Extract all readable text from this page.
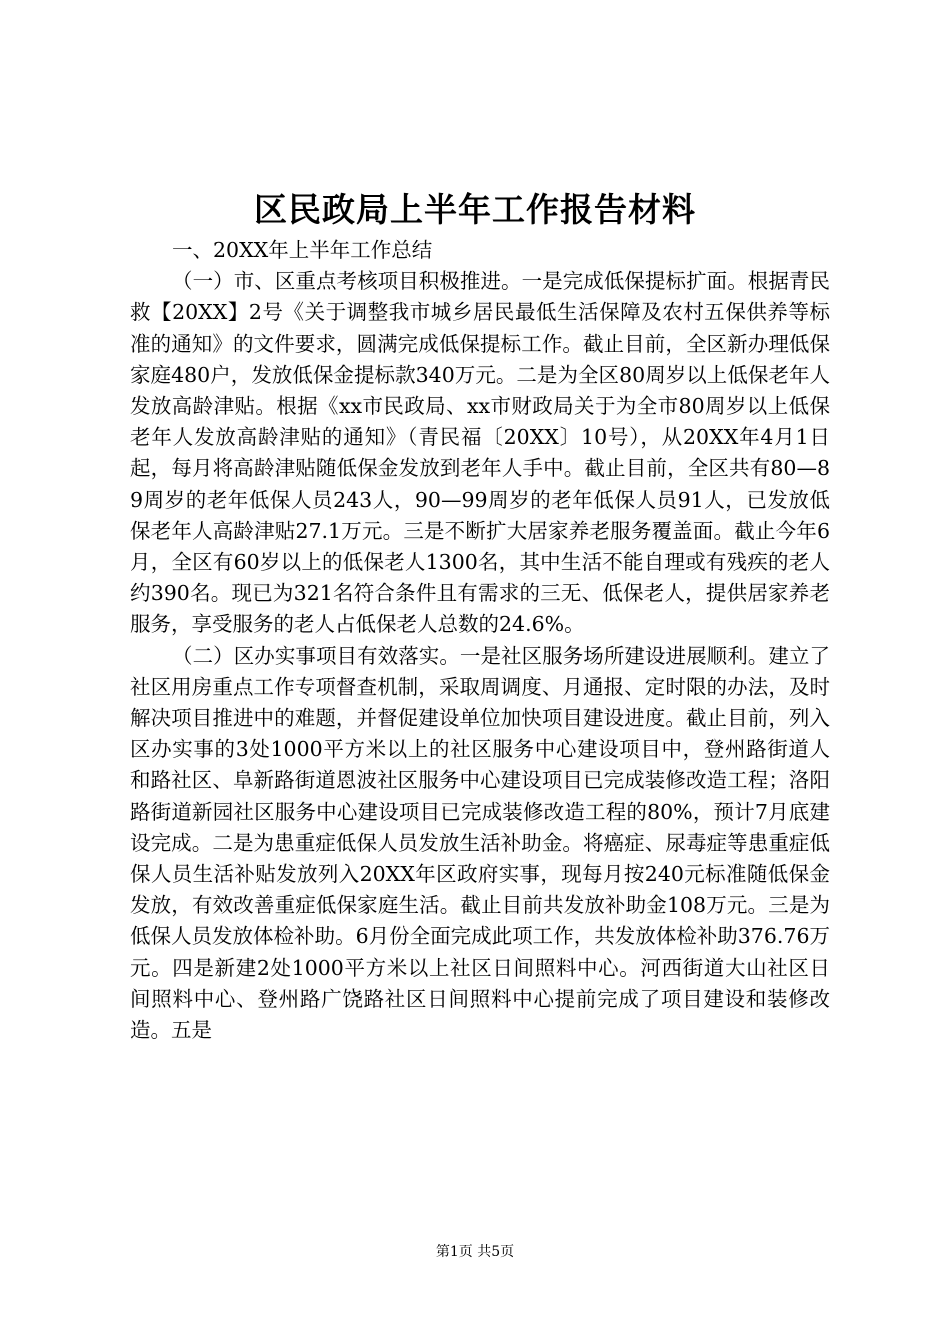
区民政局上半年工作报告材料

一、20XX年上半年工作总结

（一）市、区重点考核项目积极推进。一是完成低保提标扩面。根据青民救【20XX】2号《关于调整我市城乡居民最低生活保障及农村五保供养等标准的通知》的文件要求，圆满完成低保提标工作。截止目前，全区新办理低保家庭480户，发放低保金提标款340万元。二是为全区80周岁以上低保老年人发放高龄津贴。根据《xx市民政局、xx市财政局关于为全市80周岁以上低保老年人发放高龄津贴的通知》（青民福〔20XX〕10号），从20XX年4月1日起，每月将高龄津贴随低保金发放到老年人手中。截止目前，全区共有80—89周岁的老年低保人员243人，90—99周岁的老年低保人员91人，已发放低保老年人高龄津贴27.1万元。三是不断扩大居家养老服务覆盖面。截止今年6月，全区有60岁以上的低保老人1300名，其中生活不能自理或有残疾的老人约390名。现已为321名符合条件且有需求的三无、低保老人，提供居家养老服务，享受服务的老人占低保老人总数的24.6%。

（二）区办实事项目有效落实。一是社区服务场所建设进展顺利。建立了社区用房重点工作专项督查机制，采取周调度、月通报、定时限的办法，及时解决项目推进中的难题，并督促建设单位加快项目建设进度。截止目前，列入区办实事的3处1000平方米以上的社区服务中心建设项目中，登州路街道人和路社区、阜新路街道恩波社区服务中心建设项目已完成装修改造工程；洛阳路街道新园社区服务中心建设项目已完成装修改造工程的80%，预计7月底建设完成。二是为患重症低保人员发放生活补助金。将癌症、尿毒症等患重症低保人员生活补贴发放列入20XX年区政府实事，现每月按240元标准随低保金发放，有效改善重症低保家庭生活。截止目前共发放补助金108万元。三是为低保人员发放体检补助。6月份全面完成此项工作，共发放体检补助376.76万元。四是新建2处1000平方米以上社区日间照料中心。河西街道大山社区日间照料中心、登州路广饶路社区日间照料中心提前完成了项目建设和装修改造。五是

第1页 共5页
